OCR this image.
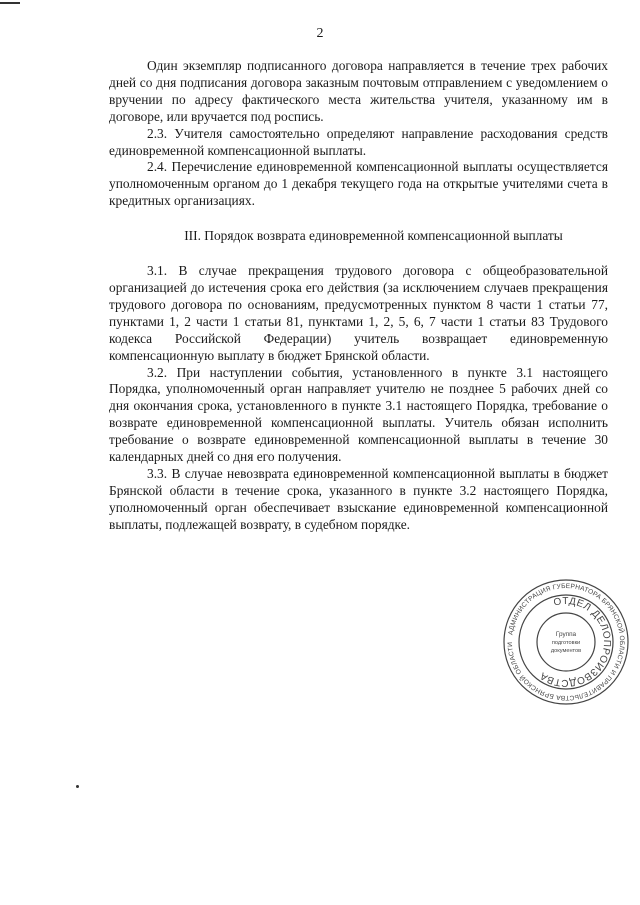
2

Один экземпляр подписанного договора направляется в течение трех рабочих дней со дня подписания договора заказным почтовым отправлением с уведомлением о вручении по адресу фактического места жительства учителя, указанному им в договоре, или вручается под роспись.

2.3. Учителя самостоятельно определяют направление расходования средств единовременной компенсационной выплаты.

2.4. Перечисление единовременной компенсационной выплаты осуществляется уполномоченным органом до 1 декабря текущего года на открытые учителями счета в кредитных организациях.

III. Порядок возврата единовременной компенсационной выплаты

3.1. В случае прекращения трудового договора с общеобразовательной организацией до истечения срока его действия (за исключением случаев прекращения трудового договора по основаниям, предусмотренных пунктом 8 части 1 статьи 77, пунктами 1, 2 части 1 статьи 81, пунктами 1, 2, 5, 6, 7 части 1 статьи 83 Трудового кодекса Российской Федерации) учитель возвращает единовременную компенсационную выплату в бюджет Брянской области.

3.2. При наступлении события, установленного в пункте 3.1 настоящего Порядка, уполномоченный орган направляет учителю не позднее 5 рабочих дней со дня окончания срока, установленного в пункте 3.1 настоящего Порядка, требование о возврате единовременной компенсационной выплаты. Учитель обязан исполнить требование о возврате единовременной компенсационной выплаты в течение 30 календарных дней со дня его получения.

3.3. В случае невозврата единовременной компенсационной выплаты в бюджет Брянской области в течение срока, указанного в пункте 3.2 настоящего Порядка, уполномоченный орган обеспечивает взыскание единовременной компенсационной выплаты, подлежащей возврату, в судебном порядке.

АДМИНИСТРАЦИЯ ГУБЕРНАТОРА БРЯНСКОЙ ОБЛАСТИ И ПРАВИТЕЛЬСТВА БРЯНСКОЙ ОБЛАСТИ
ОТДЕЛ ДЕЛОПРОИЗВОДСТВА
Группа
подготовки
документов
